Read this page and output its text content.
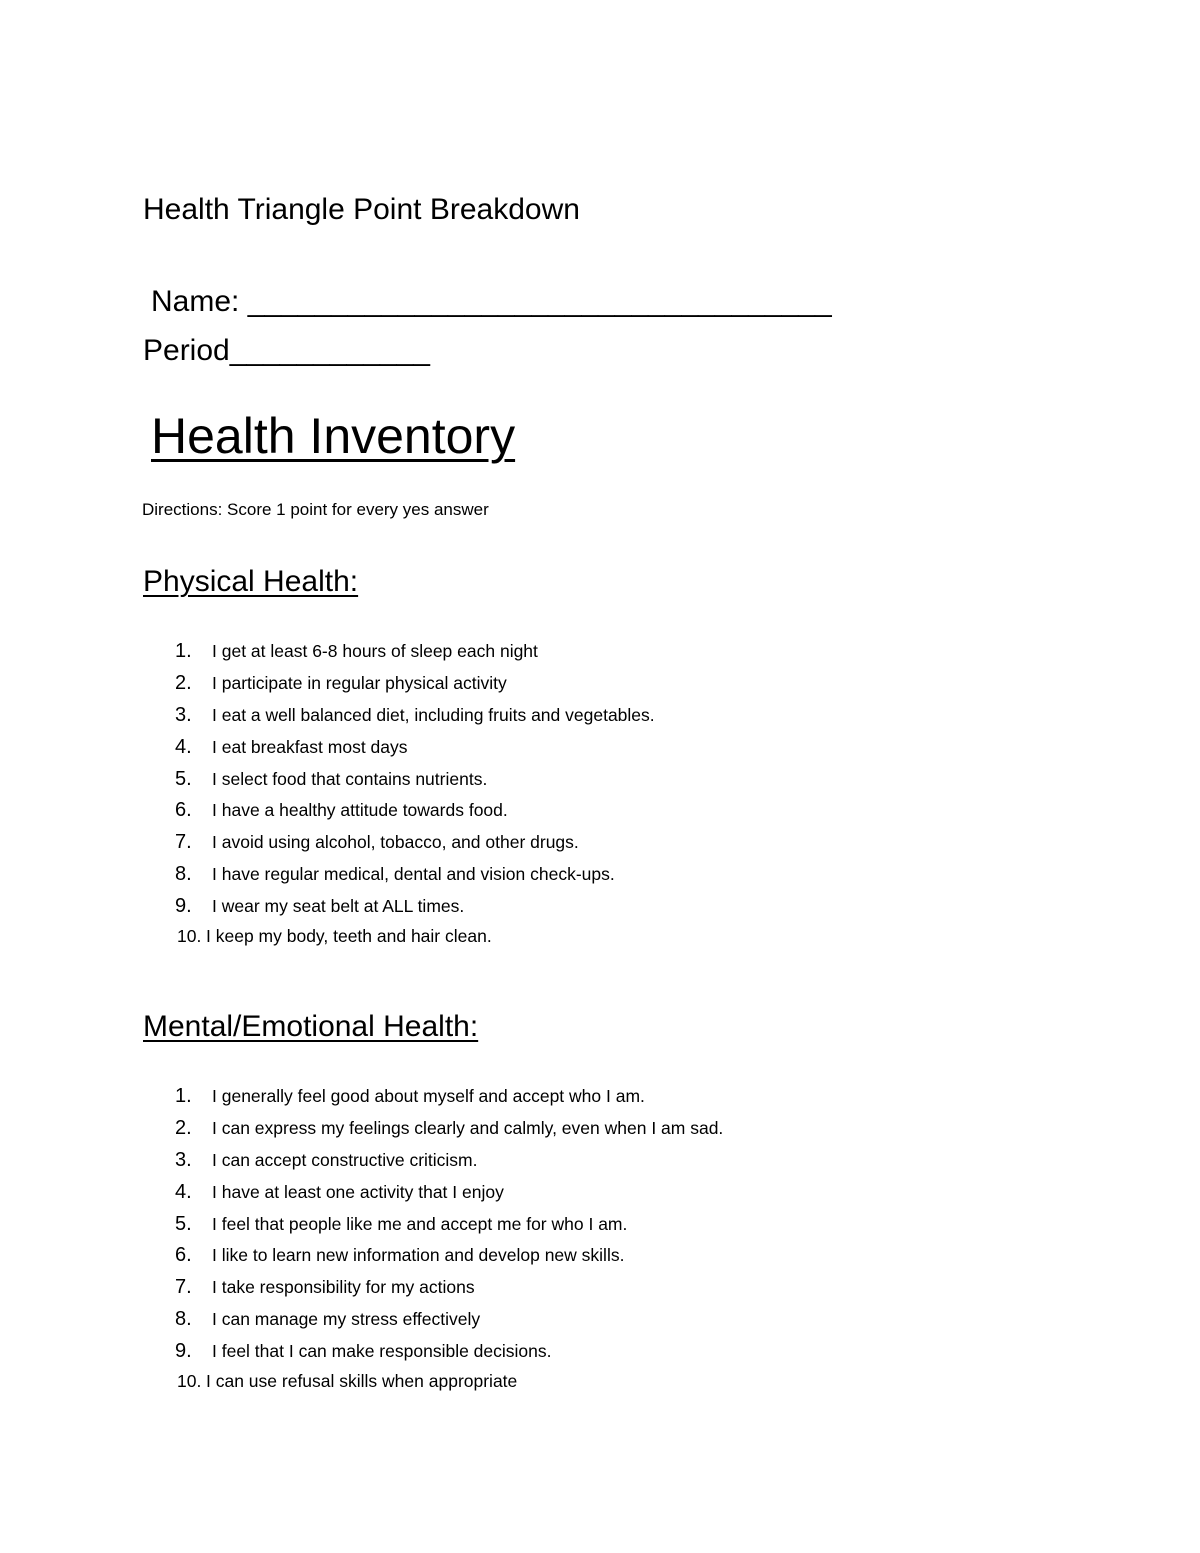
Health Triangle Point Breakdown
Name: ___________________________________
Period____________
Health Inventory
Directions: Score 1 point for every yes answer
Physical Health:
1.	I get at least 6-8 hours of sleep each night
2.	I participate in regular physical activity
3.	I eat a well balanced diet, including fruits and vegetables.
4.	I eat breakfast most days
5.	I select food that contains nutrients.
6.	I have a healthy attitude towards food.
7.	I avoid using alcohol, tobacco, and other drugs.
8.	I have regular medical, dental and vision check-ups.
9.	I wear my seat belt at ALL times.
10. I keep my body, teeth and hair clean.
Mental/Emotional Health:
1.	I generally feel good about myself and accept who I am.
2.	I can express my feelings clearly and calmly, even when I am sad.
3.	I can accept constructive criticism.
4.	I have at least one activity that I enjoy
5.	I feel that people like me and accept me for who I am.
6.	I like to learn new information and develop new skills.
7.	I take responsibility for my actions
8.	I can manage my stress effectively
9.	I feel that I can make responsible decisions.
10. I can use refusal skills when appropriate
